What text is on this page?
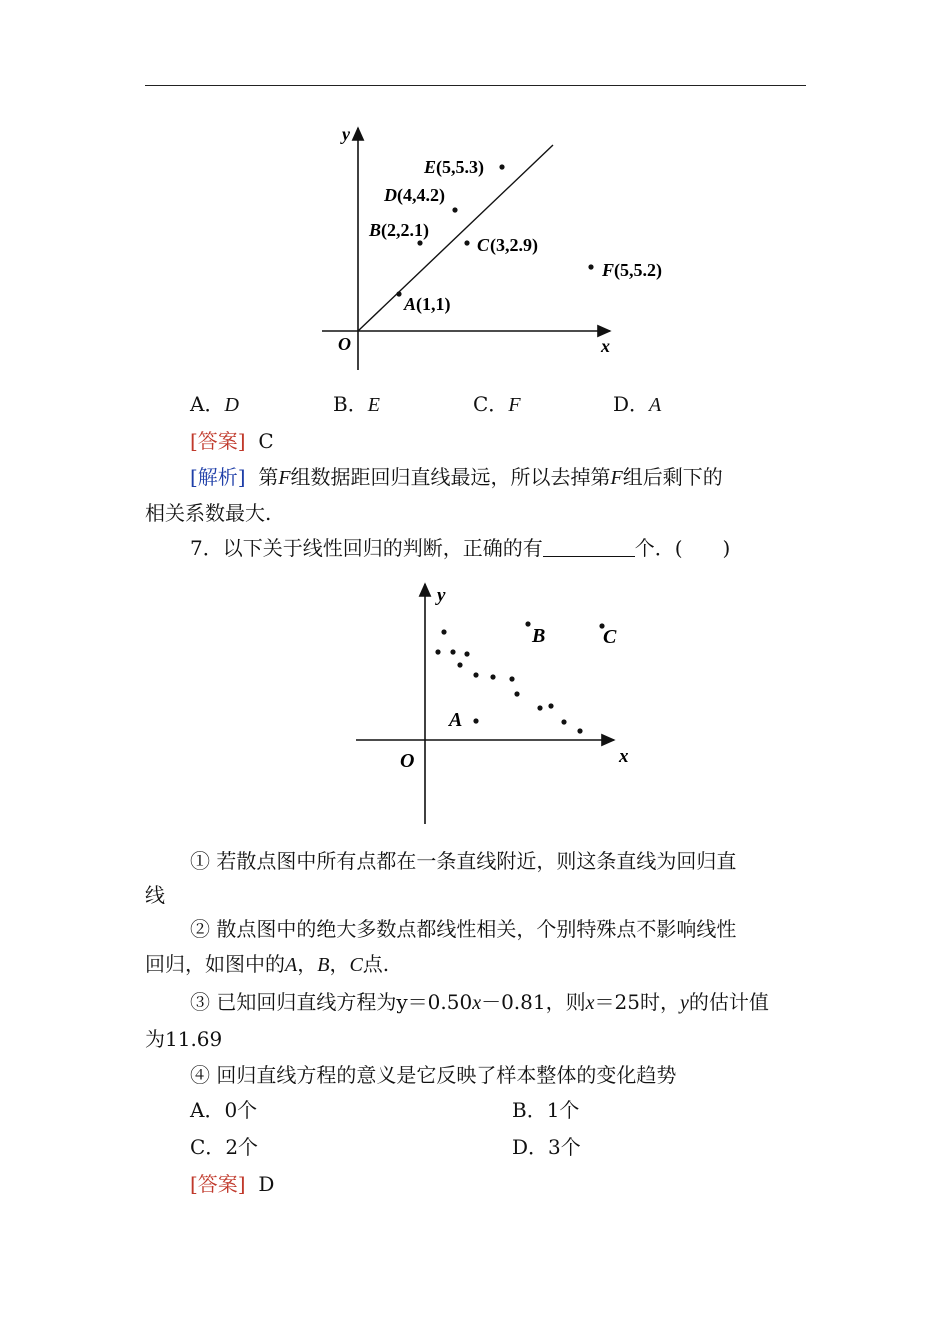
y
x
O
A (1,1)
B (2,2.1)
C (3,2.9)
D (4,4.2)
E (5,5.3)
F (5,5.2)
A．D	B．E	C．F	D．A
[答案] C
[解析] 第F组数据距回归直线最远，所以去掉第F组后剩下的
相关系数最大.
7．以下关于线性回归的判断，正确的有	个．(　　)
y
x
O
A
B	C
① 若散点图中所有点都在一条直线附近，则这条直线为回归直
线
② 散点图中的绝大多数点都线性相关，个别特殊点不影响线性
回归，如图中的A，B，C点.
③ 已知回归直线方程为y＝0.50x－0.81，则x＝25时，y的估计值
为11.69
④ 回归直线方程的意义是它反映了样本整体的变化趋势
A．0个	B．1个
C．2个	D．3个
[答案] D
